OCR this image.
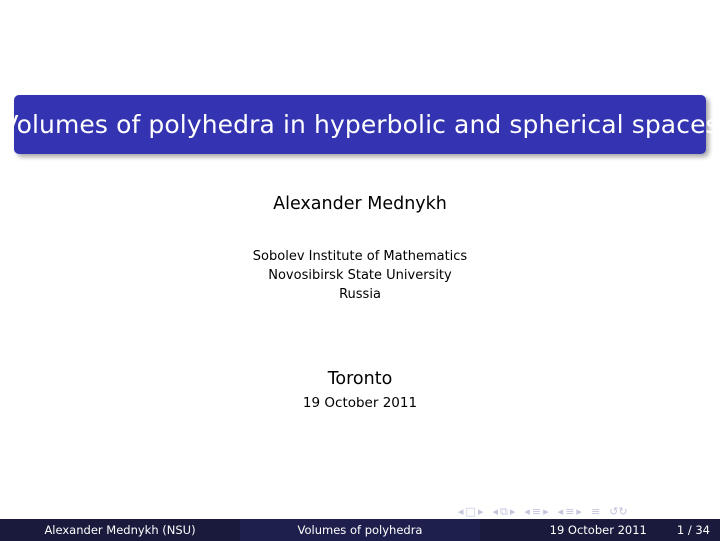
Volumes of polyhedra in hyperbolic and spherical spaces
Alexander Mednykh
Sobolev Institute of Mathematics
Novosibirsk State University
Russia
Toronto
19 October 2011
◂ □ ▸ ◂ ⧉ ▸ ◂ ≡ ▸ ◂ ≡ ▸ ≡ ↺↻
Alexander Mednykh (NSU)	Volumes of polyhedra	19 October 2011	1 / 34
